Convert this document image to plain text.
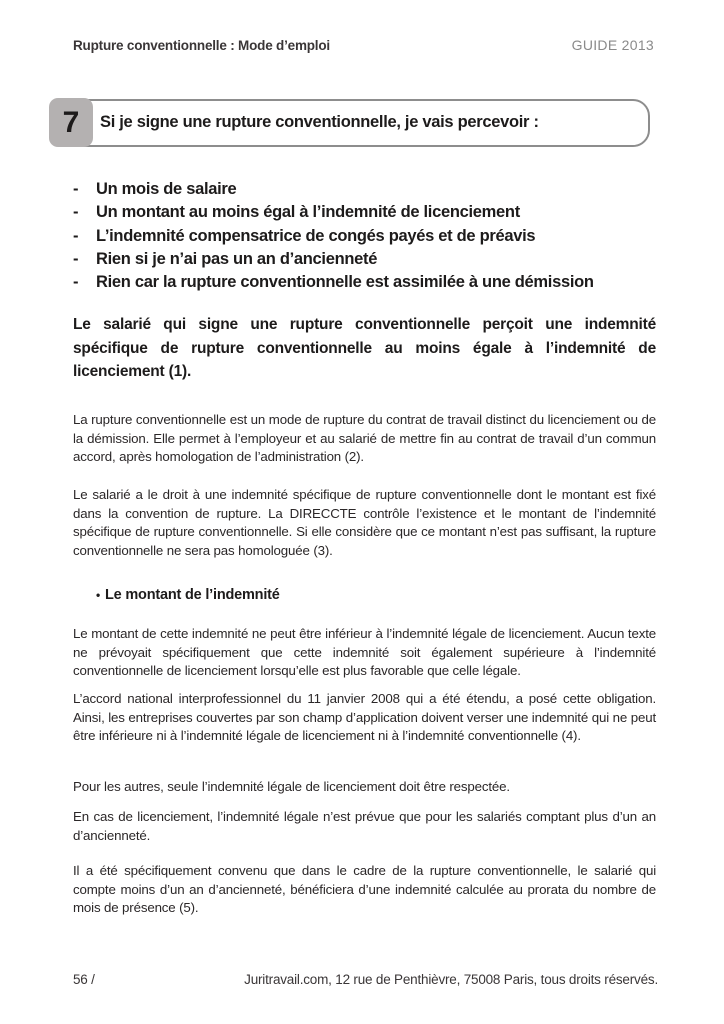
Rupture conventionnelle : Mode d’emploi	GUIDE 2013
7	Si je signe une rupture conventionnelle, je vais percevoir :
-	Un mois de salaire
-	Un montant au moins égal à l’indemnité de licenciement
-	L’indemnité compensatrice de congés payés et de préavis
-	Rien si je n’ai pas un an d’ancienneté
-	Rien car la rupture conventionnelle est assimilée à une démission
Le salarié qui signe une rupture conventionnelle perçoit une indemnité spécifique de rupture conventionnelle au moins égale à l’indemnité de licenciement (1).
La rupture conventionnelle est un mode de rupture du contrat de travail distinct du licenciement ou de la démission. Elle permet à l’employeur et au salarié de mettre fin au contrat de travail d’un commun accord, après homologation de l’administration (2).
Le salarié a le droit à une indemnité spécifique de rupture conventionnelle dont le montant est fixé dans la convention de rupture. La DIRECCTE contrôle l’existence et le montant de l’indemnité spécifique de rupture conventionnelle. Si elle considère que ce montant n’est pas suffisant, la rupture conventionnelle ne sera pas homologuée (3).
• Le montant de l’indemnité
Le montant de cette indemnité ne peut être inférieur à l’indemnité légale de licenciement. Aucun texte ne prévoyait spécifiquement que cette indemnité soit également supérieure à l’indemnité conventionnelle de licenciement lorsqu’elle est plus favorable que celle légale.
L’accord national interprofessionnel du 11 janvier 2008 qui a été étendu, a posé cette obligation. Ainsi, les entreprises couvertes par son champ d’application doivent verser une indemnité qui ne peut être inférieure ni à l’indemnité légale de licenciement ni à l’indemnité conventionnelle (4).
Pour les autres, seule l’indemnité légale de licenciement doit être respectée.
En cas de licenciement, l’indemnité légale n’est prévue que pour les salariés comptant plus d’un an d’ancienneté.
Il a été spécifiquement convenu que dans le cadre de la rupture conventionnelle, le salarié qui compte moins d’un an d’ancienneté, bénéficiera d’une indemnité calculée au prorata du nombre de mois de présence (5).
56 /	Juritravail.com, 12 rue de Penthièvre, 75008 Paris, tous droits réservés.
